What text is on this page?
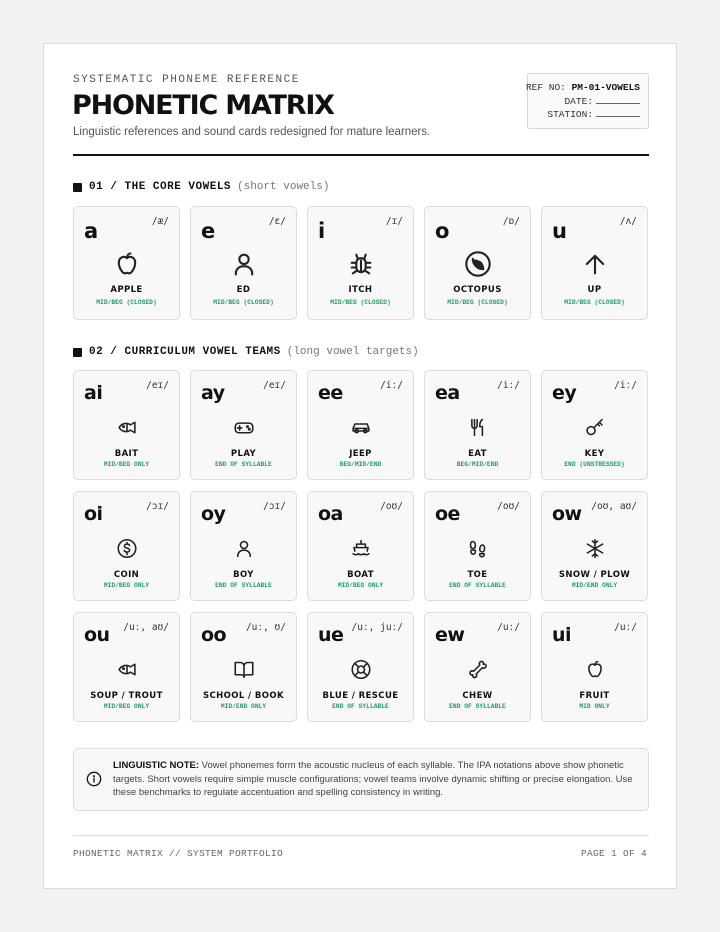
SYSTEMATIC PHONEME REFERENCE
PHONETIC MATRIX
Linguistic references and sound cards redesigned for mature learners.
REF NO: PM-01-VOWELS
DATE:
STATION:
01 / THE CORE VOWELS (short vowels)
a	/æ/
APPLE
MID/BEG (CLOSED)
e	/ɛ/
ED
MID/BEG (CLOSED)
i	/ɪ/
ITCH
MID/BEG (CLOSED)
o	/ɒ/
OCTOPUS
MID/BEG (CLOSED)
u	/ʌ/
UP
MID/BEG (CLOSED)
02 / CURRICULUM VOWEL TEAMS (long vowel targets)
ai	/eɪ/
BAIT
MID/BEG ONLY
ay	/eɪ/
PLAY
END OF SYLLABLE
ee	/iː/
JEEP
BEG/MID/END
ea	/iː/
EAT
BEG/MID/END
ey	/iː/
KEY
END (UNSTRESSED)
oi	/ɔɪ/
COIN
MID/BEG ONLY
oy	/ɔɪ/
BOY
END OF SYLLABLE
oa	/oʊ/
BOAT
MID/BEG ONLY
oe	/oʊ/
TOE
END OF SYLLABLE
ow /oʊ, aʊ/
SNOW / PLOW
MID/END ONLY
ou /uː, aʊ/
SOUP / TROUT
MID/BEG ONLY
oo /uː, ʊ/
SCHOOL / BOOK
MID/END ONLY
ue /uː, juː/
BLUE / RESCUE
END OF SYLLABLE
ew	/uː/
CHEW
END OF SYLLABLE
ui	/uː/
FRUIT
MID ONLY
LINGUISTIC NOTE: Vowel phonemes form the acoustic nucleus of each syllable. The IPA notations above show phonetic targets. Short vowels require simple muscle configurations; vowel teams involve dynamic shifting or precise elongation. Use these benchmarks to regulate accentuation and spelling consistency in writing.
PHONETIC MATRIX // SYSTEM PORTFOLIO	PAGE 1 OF 4
